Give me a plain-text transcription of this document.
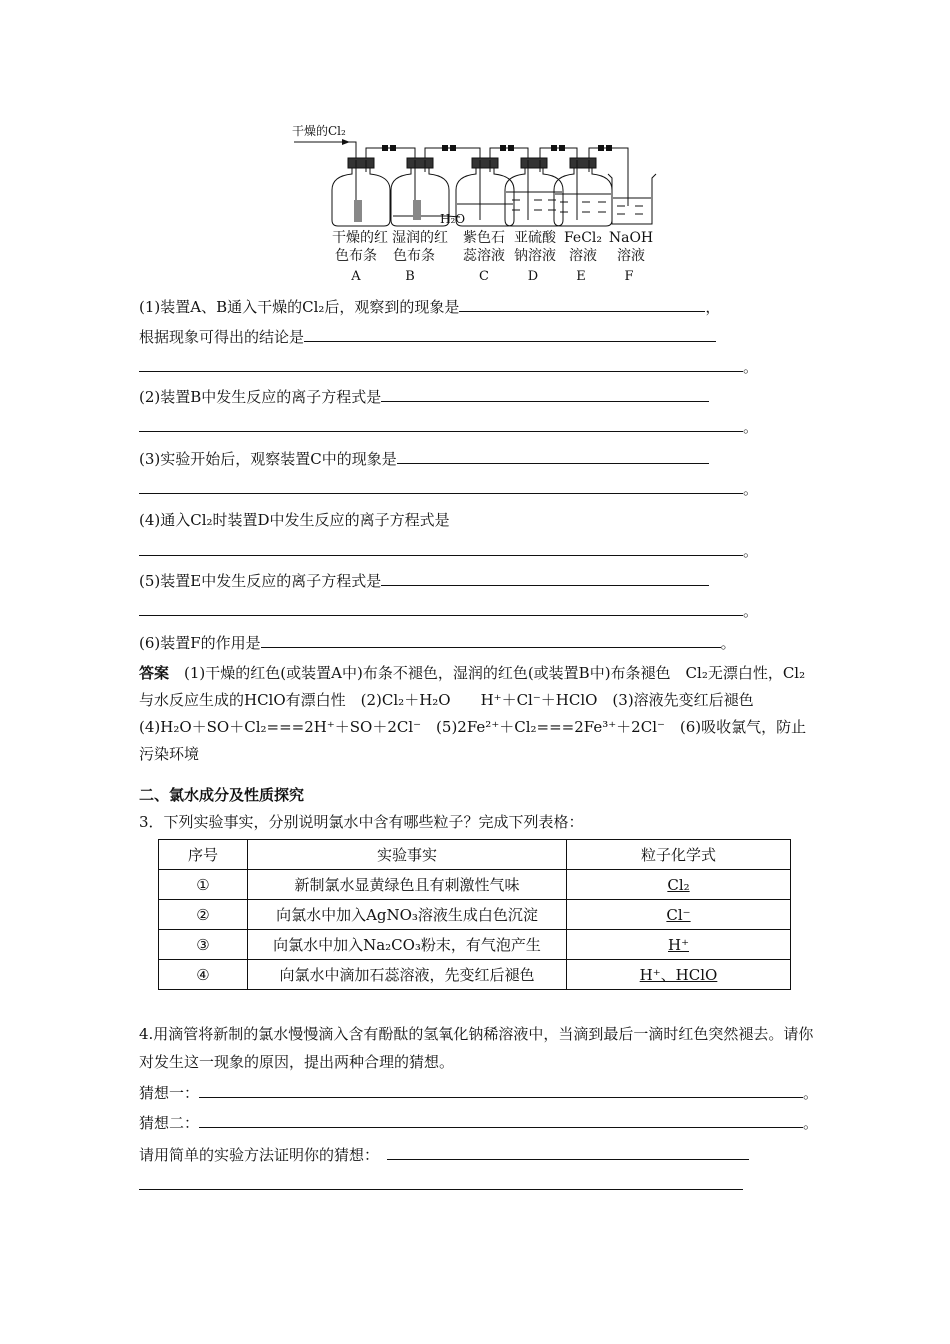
干燥的Cl₂
H₂O
干燥的红
色布条
A
湿润的红
色布条
B
紫色石
蕊溶液
C
亚硫酸
钠溶液
D
FeCl₂
溶液
E
NaOH
溶液
F
(1)装置A、B通入干燥的Cl₂后，观察到的现象是	，
根据现象可得出的结论是
。
(2)装置B中发生反应的离子方程式是
。
(3)实验开始后，观察装置C中的现象是
。
(4)通入Cl₂时装置D中发生反应的离子方程式是
。
(5)装置E中发生反应的离子方程式是
。
(6)装置F的作用是	。
答案　 (1)干燥的红色(或装置A中)布条不褪色，湿润的红色(或装置B中)布条褪色　Cl₂无漂白性，Cl₂与水反应生成的HClO有漂白性　(2)Cl₂＋H₂O　　H⁺＋Cl⁻＋HClO　(3)溶液先变红后褪色　(4)H₂O＋SO＋Cl₂===2H⁺＋SO＋2Cl⁻　(5)2Fe²⁺＋Cl₂===2Fe³⁺＋2Cl⁻　(6)吸收氯气，防止污染环境
二、氯水成分及性质探究
3．下列实验事实，分别说明氯水中含有哪些粒子？完成下列表格：
序号	实验事实	粒子化学式
①	新制氯水显黄绿色且有刺激性气味	Cl₂
②	向氯水中加入AgNO₃溶液生成白色沉淀	Cl⁻
③	向氯水中加入Na₂CO₃粉末，有气泡产生	H⁺
④	向氯水中滴加石蕊溶液，先变红后褪色	H⁺、HClO
4.用滴管将新制的氯水慢慢滴入含有酚酞的氢氧化钠稀溶液中，当滴到最后一滴时红色突然褪去。请你对发生这一现象的原因，提出两种合理的猜想。
猜想一：	。
猜想二：	。
请用简单的实验方法证明你的猜想：　
